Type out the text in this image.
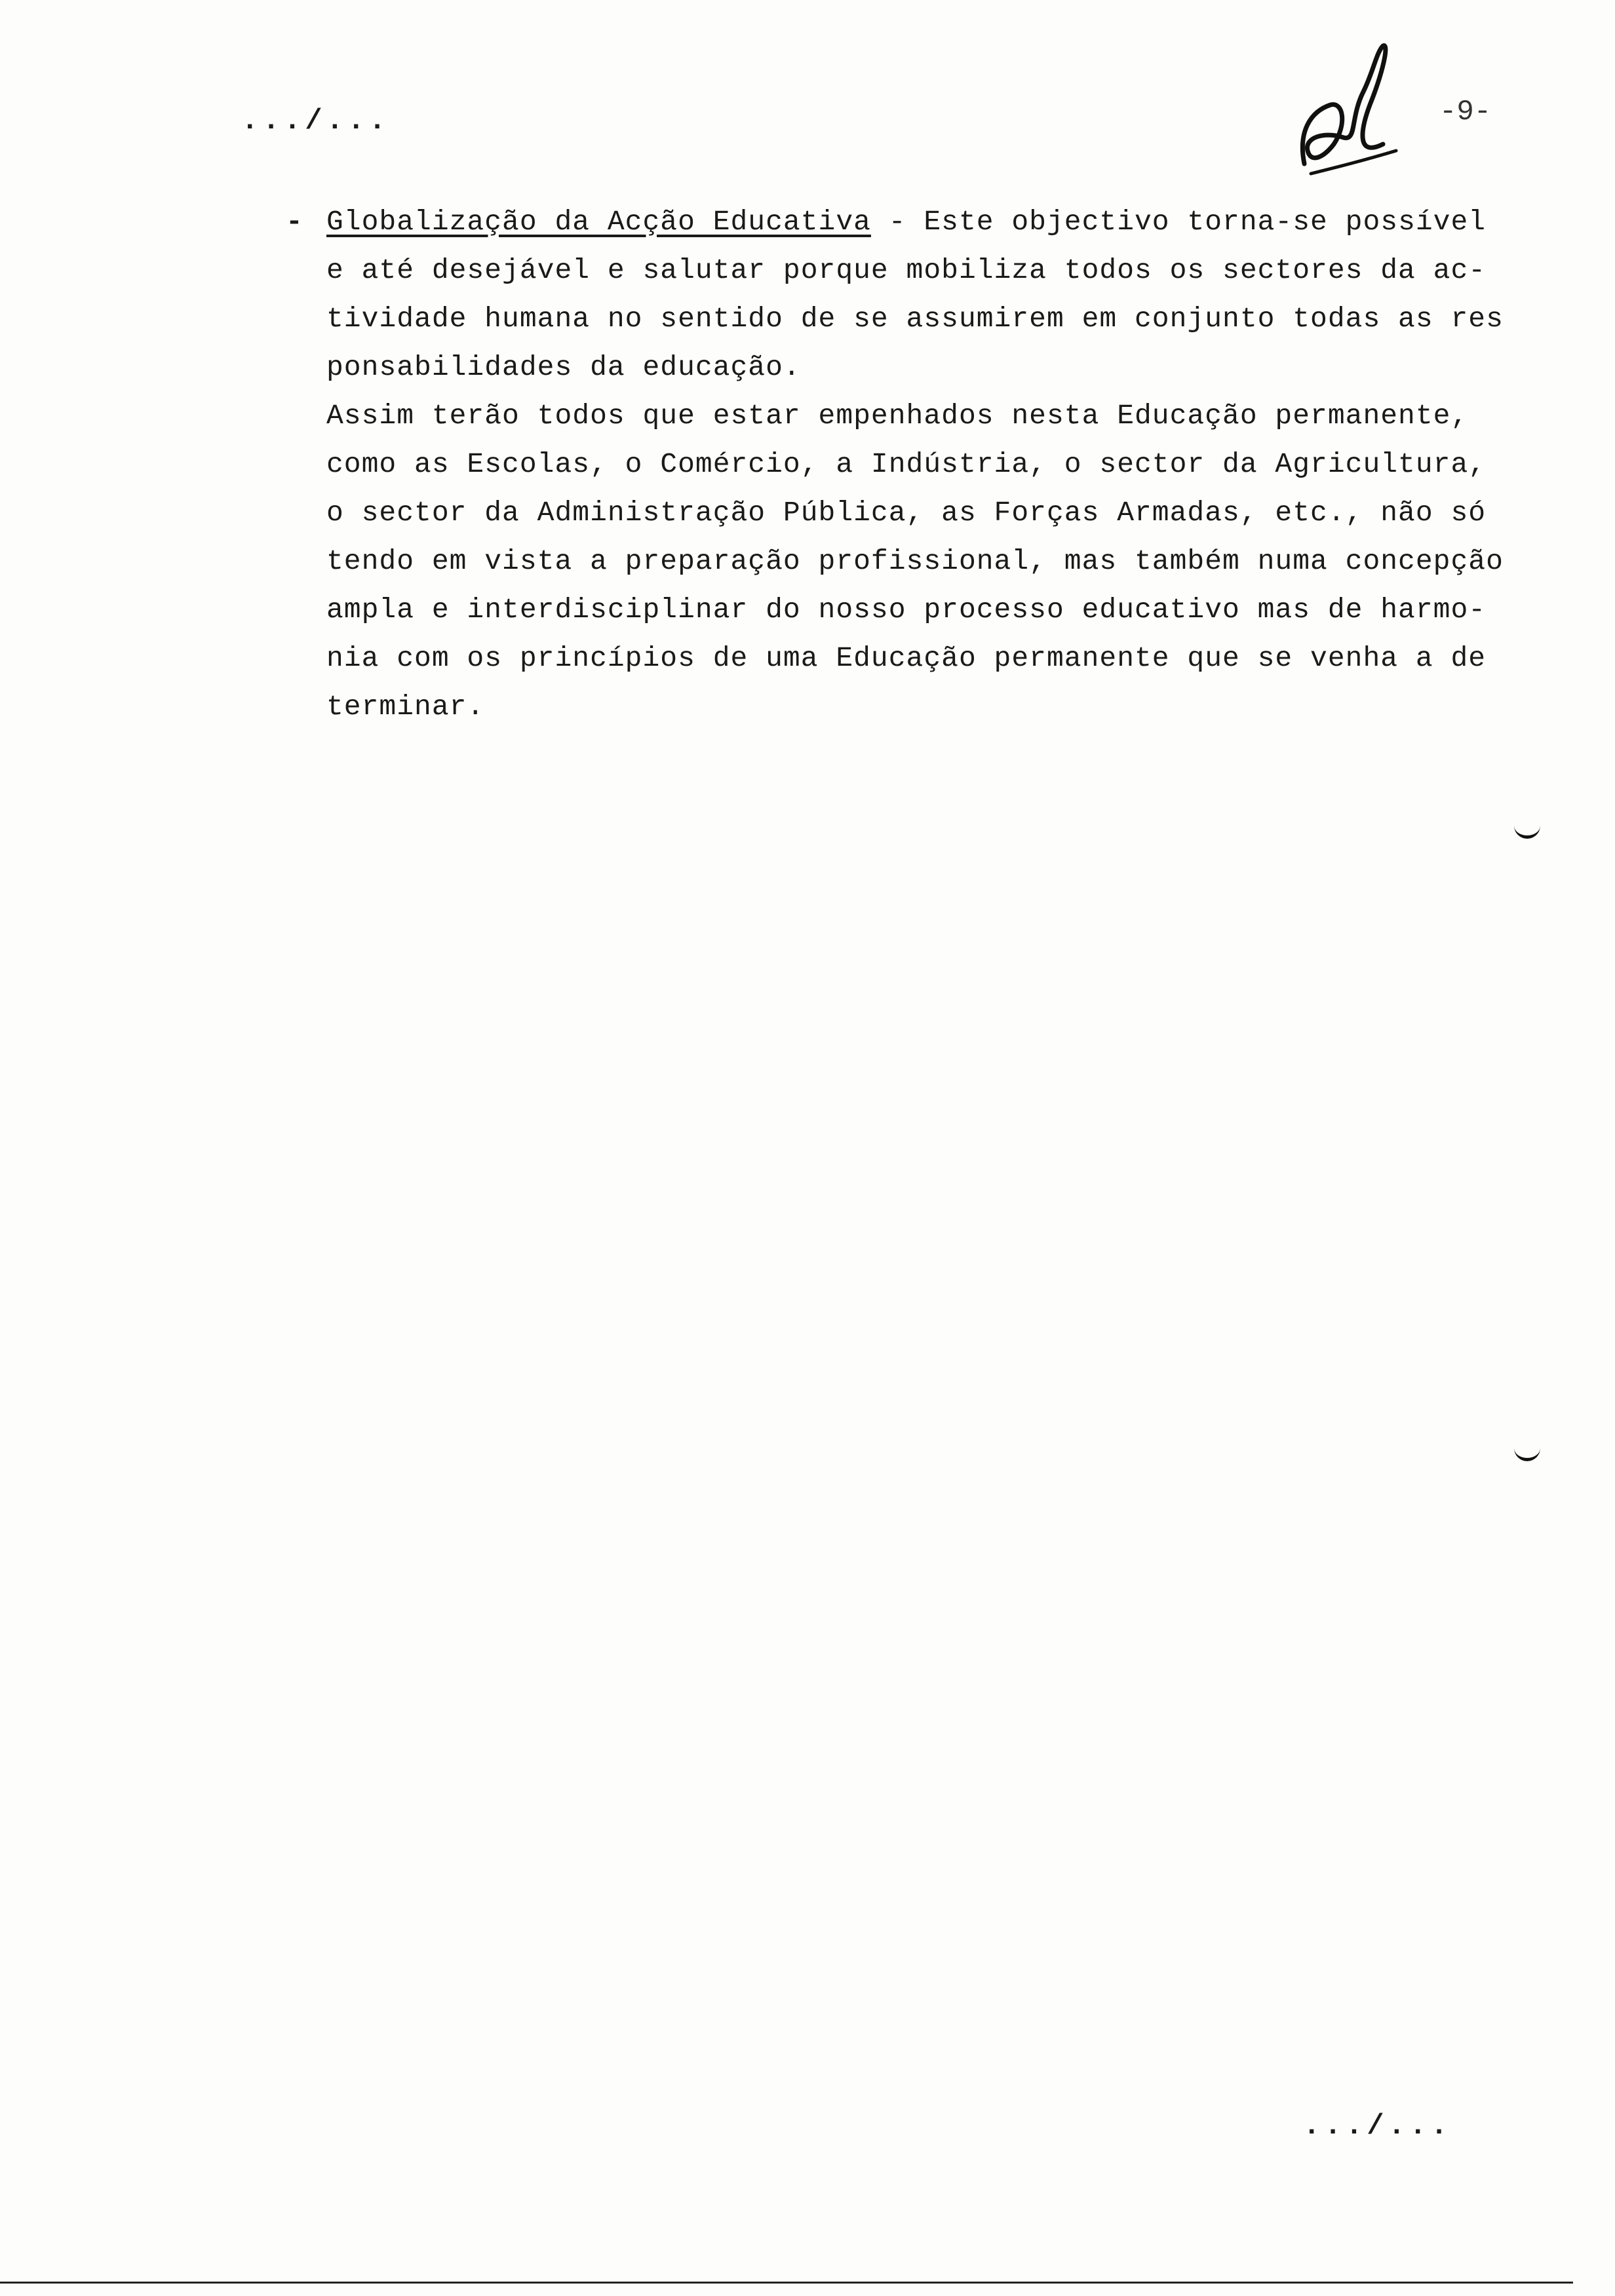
.../...	-9-
- Globalização da Acção Educativa - Este objectivo torna-se possível
e até desejável e salutar porque mobiliza todos os sectores da ac-
tividade humana no sentido de se assumirem em conjunto todas as res
ponsabilidades da educação.
Assim terão todos que estar empenhados nesta Educação permanente,
como as Escolas, o Comércio, a Indústria, o sector da Agricultura,
o sector da Administração Pública, as Forças Armadas, etc., não só
tendo em vista a preparação profissional, mas também numa concepção
ampla e interdisciplinar do nosso processo educativo mas de harmo-
nia com os princípios de uma Educação permanente que se venha a de
terminar.
.../...
